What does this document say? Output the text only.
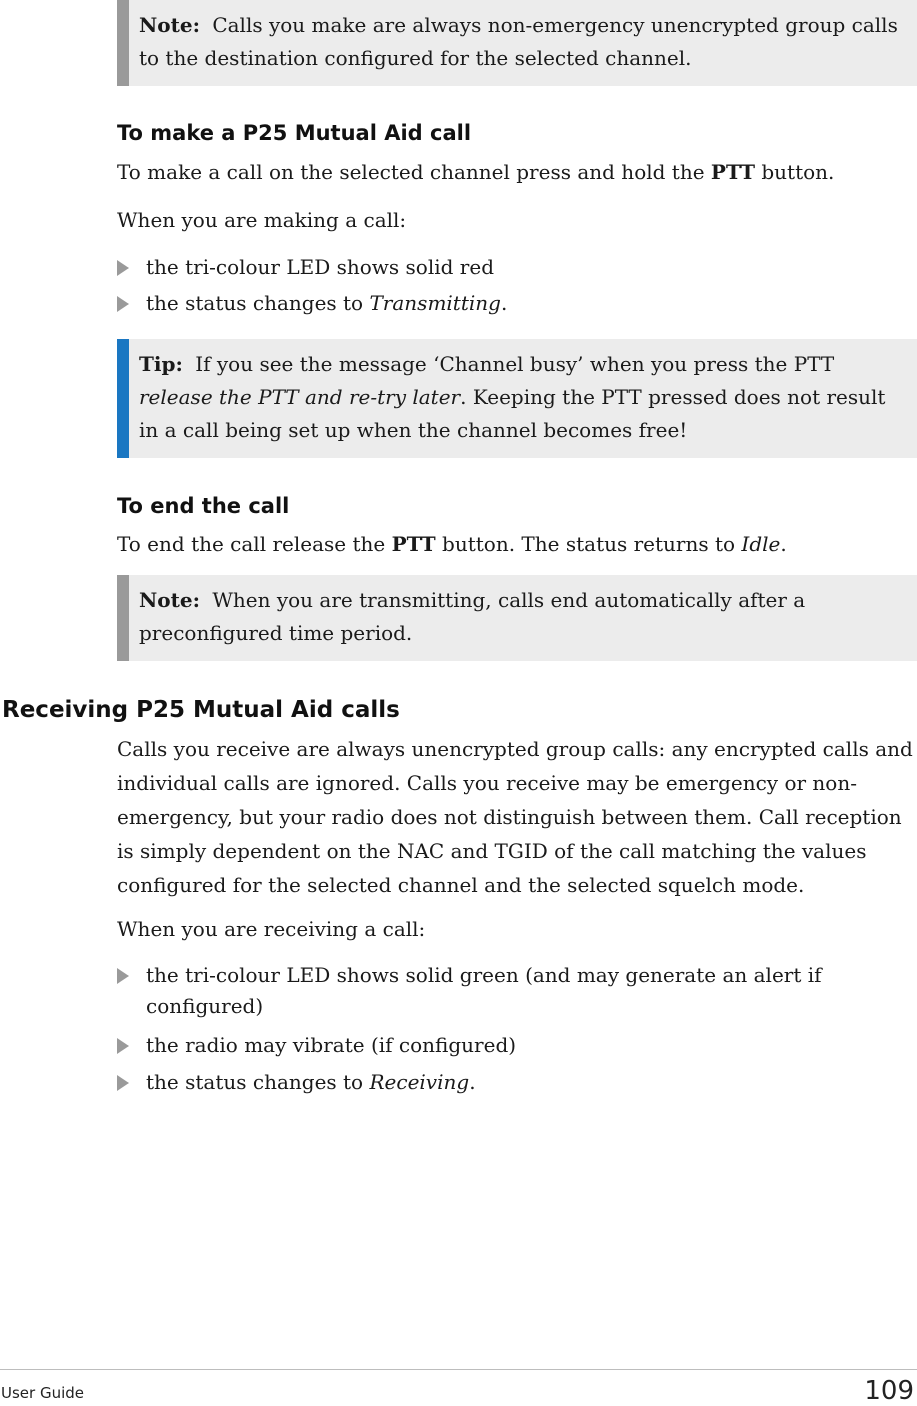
Note: Calls you make are always non-emergency unencrypted group calls to the destination configured for the selected channel.
To make a P25 Mutual Aid call

To make a call on the selected channel press and hold the PTT button.

When you are making a call:

the tri-colour LED shows solid red
the status changes to Transmitting.
Tip: If you see the message ‘Channel busy’ when you press the PTT release the PTT and re-try later. Keeping the PTT pressed does not result in a call being set up when the channel becomes free!
To end the call

To end the call release the PTT button. The status returns to Idle.

Note: When you are transmitting, calls end automatically after a preconfigured time period.
Receiving P25 Mutual Aid calls

Calls you receive are always unencrypted group calls: any encrypted calls and individual calls are ignored. Calls you receive may be emergency or non-emergency, but your radio does not distinguish between them. Call reception is simply dependent on the NAC and TGID of the call matching the values configured for the selected channel and the selected squelch mode.

When you are receiving a call:

the tri-colour LED shows solid green (and may generate an alert if configured)
the radio may vibrate (if configured)
the status changes to Receiving.
User Guide	109
